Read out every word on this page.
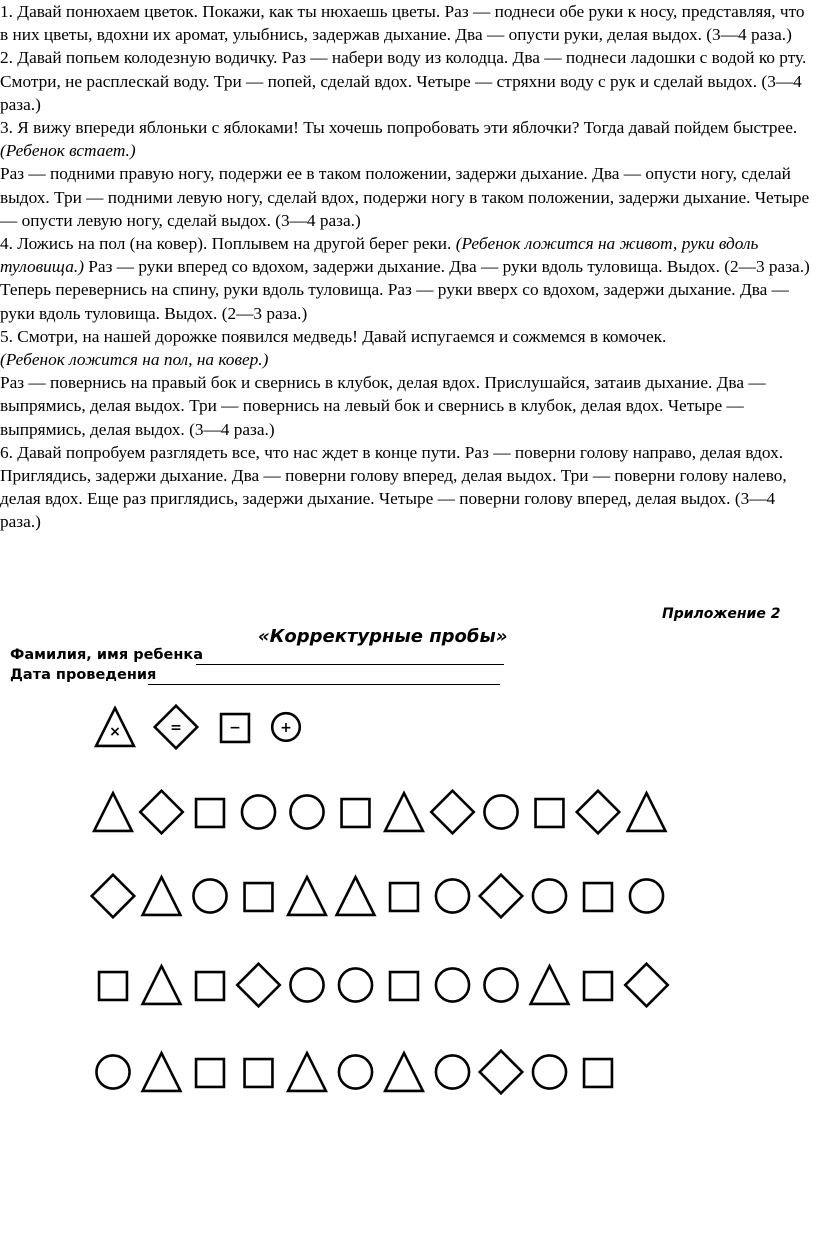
1. Давай понюхаем цветок. Покажи, как ты нюхаешь цветы. Раз — поднеси обе руки к носу, представляя, что в них цветы, вдохни их аромат, улыбнись, задержав дыхание. Два — опусти руки, делая выдох. (3—4 раза.)

2. Давай попьем колодезную водичку. Раз — набери воду из колодца. Два — поднеси ладошки с водой ко рту. Смотри, не расплескай воду. Три — попей, сделай вдох. Четыре — стряхни воду с рук и сделай выдох. (3—4 раза.)

3. Я вижу впереди яблоньки с яблоками! Ты хочешь попробовать эти яблочки? Тогда давай пойдем быстрее. (Ребенок встает.)

Раз — подними правую ногу, подержи ее в таком положении, задержи дыхание. Два — опусти ногу, сделай выдох. Три — подними левую ногу, сделай вдох, подержи ногу в таком положении, задержи дыхание. Четыре — опусти левую ногу, сделай выдох. (3—4 раза.)

4. Ложись на пол (на ковер). Поплывем на другой берег реки. (Ребенок ложится на живот, руки вдоль туловища.) Раз — руки вперед со вдохом, задержи дыхание. Два — руки вдоль туловища. Выдох. (2—3 раза.) Теперь перевернись на спину, руки вдоль туловища. Раз — руки вверх со вдохом, задержи дыхание. Два — руки вдоль туловища. Выдох. (2—3 раза.)

5. Смотри, на нашей дорожке появился медведь! Давай испугаемся и сожмемся в комочек.

(Ребенок ложится на пол, на ковер.)

Раз — повернись на правый бок и свернись в клубок, делая вдох. Прислушайся, затаив дыхание. Два — выпрямись, делая выдох. Три — повернись на левый бок и свернись в клубок, делая вдох. Четыре — выпрямись, делая выдох. (3—4 раза.)

6. Давай попробуем разглядеть все, что нас ждет в конце пути. Раз — поверни голову направо, делая вдох. Приглядись, задержи дыхание. Два — поверни голову вперед, делая выдох. Три — поверни голову налево, делая вдох. Еще раз приглядись, задержи дыхание. Четыре — поверни голову вперед, делая выдох. (3—4 раза.)

Приложение 2
«Корректурные пробы»
Фамилия, имя ребенка
Дата проведения
×	=	−	+
